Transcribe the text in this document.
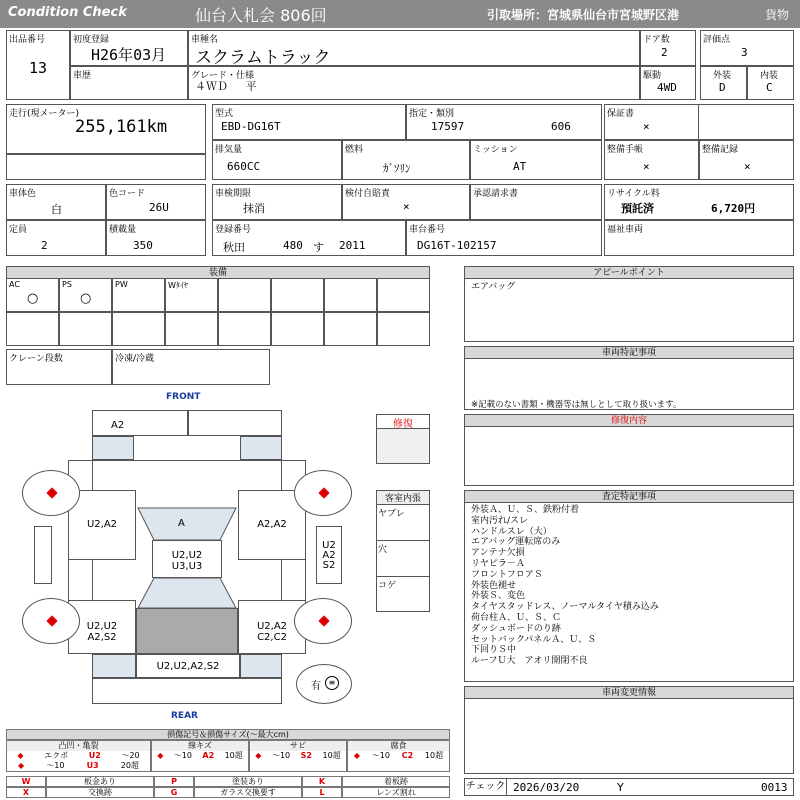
Condition Check	仙台入札会 806回	引取場所：宮城県仙台市宮城野区港	貨物
出品番号
13
初度登録
H26年03月
車歴
車種名
スクラムトラック
グレード・仕様
４ＷＤ　 平
ドア数
2
駆動
4WD
評価点
3
外装
D
内装
C
走行(現メーター)
255,161km
型式
EBD-DG16T
指定・類別
17597	606
排気量
660CC
燃料
ｶﾞｿﾘﾝ
ミッション
AT
保証書
×
整備手帳
×
整備記録
×
車体色
白
色コード
26U
定員
2
積載量
350
車検期限
抹消
検付自賠責
×
承認請求書
登録番号
秋田	480 す 2011
車台番号
DG16T-102157
リサイクル料
預託済	6,720円
福祉車両
装備
AC
○
PS
○
PW	Wﾀｲﾔ
クレーン段数	冷凍/冷蔵
アピールポイント
エアバッグ
車両特記事項
※記載のない書類・機器等は無しとして取り扱います。
修復内容
査定特記事項
外装Ａ、Ｕ、Ｓ、鉄粉付着
室内汚れ/スレ
ハンドルスレ（大）
エアバッグ運転席のみ
アンテナ欠損
リヤピラ－Ａ
フロントフロアＳ
外装色褪せ
外装Ｓ、変色
タイヤスタッドレス、ノーマルタイヤ積み込み
荷台柱Ａ、Ｕ、Ｓ、Ｃ
ダッシュボードのり跡
セットバックパネルＡ、Ｕ、Ｓ
下回りＳ中
ルーフＵ大　アオリ開閉不良
車両変更情報
チェック 2026/03/20	Y	0013
FRONT
REAR
A2
U2,A2	A2,A2
U2,U2
A2,S2
U2,A2
C2,C2
A
U2,U2
U3,U3
U2
A2
S2
U2,U2,A2,S2
有 ≡
修復
客室内張
ヤブレ
穴
コゲ
損傷記号＆損傷サイズ(〜最大cm)
凸凹・亀裂
◆	エクボ	U2	〜20
◆	〜10	U3	20超
線キズ
◆ 〜10 A2 10超
サビ
◆ 〜10 S2 10超
腐食
◆ 〜10 C2 10超
W	板金あり	P	塗装あり	K	着板跡
X	交換跡	G	ガラス交換要す	L	レンズ割れ
